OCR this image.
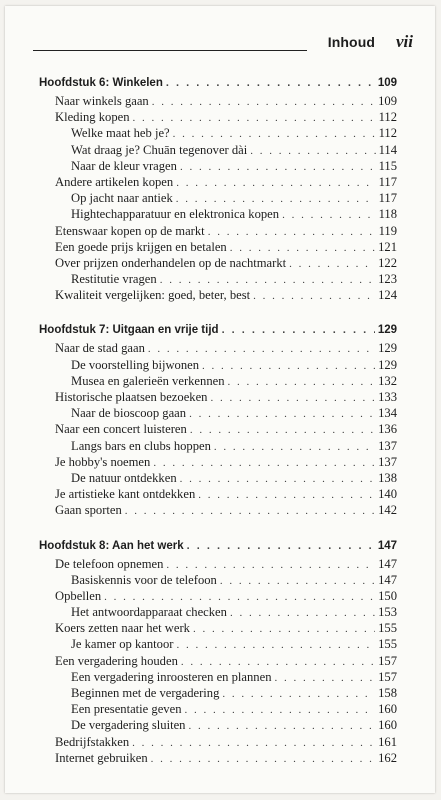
Inhoud vii
Hoofdstuk 6: Winkelen . . .	109
Naar winkels gaan . . .	109
Kleding kopen . . .	112
Welke maat heb je? . . .	112
Wat draag je? Chuān tegenover dài . . .	114
Naar de kleur vragen . . .	115
Andere artikelen kopen . . .	117
Op jacht naar antiek . . .	117
Hightechapparatuur en elektronica kopen . . .	118
Etenswaar kopen op de markt . . .	119
Een goede prijs krijgen en betalen . . .	121
Over prijzen onderhandelen op de nachtmarkt . . .	122
Restitutie vragen . . .	123
Kwaliteit vergelijken: goed, beter, best . . .	124
Hoofdstuk 7: Uitgaan en vrije tijd . . .	129
Naar de stad gaan . . .	129
De voorstelling bijwonen . . .	129
Musea en galerieën verkennen . . .	132
Historische plaatsen bezoeken . . .	133
Naar de bioscoop gaan . . .	134
Naar een concert luisteren . . .	136
Langs bars en clubs hoppen . . .	137
Je hobby's noemen . . .	137
De natuur ontdekken . . .	138
Je artistieke kant ontdekken . . .	140
Gaan sporten . . .	142
Hoofdstuk 8: Aan het werk . . .	147
De telefoon opnemen . . .	147
Basiskennis voor de telefoon . . .	147
Opbellen . . .	150
Het antwoordapparaat checken . . .	153
Koers zetten naar het werk . . .	155
Je kamer op kantoor . . .	155
Een vergadering houden . . .	157
Een vergadering inroosteren en plannen . . .	157
Beginnen met de vergadering . . .	158
Een presentatie geven . . .	160
De vergadering sluiten . . .	160
Bedrijfstakken . . .	161
Internet gebruiken . . .	162
